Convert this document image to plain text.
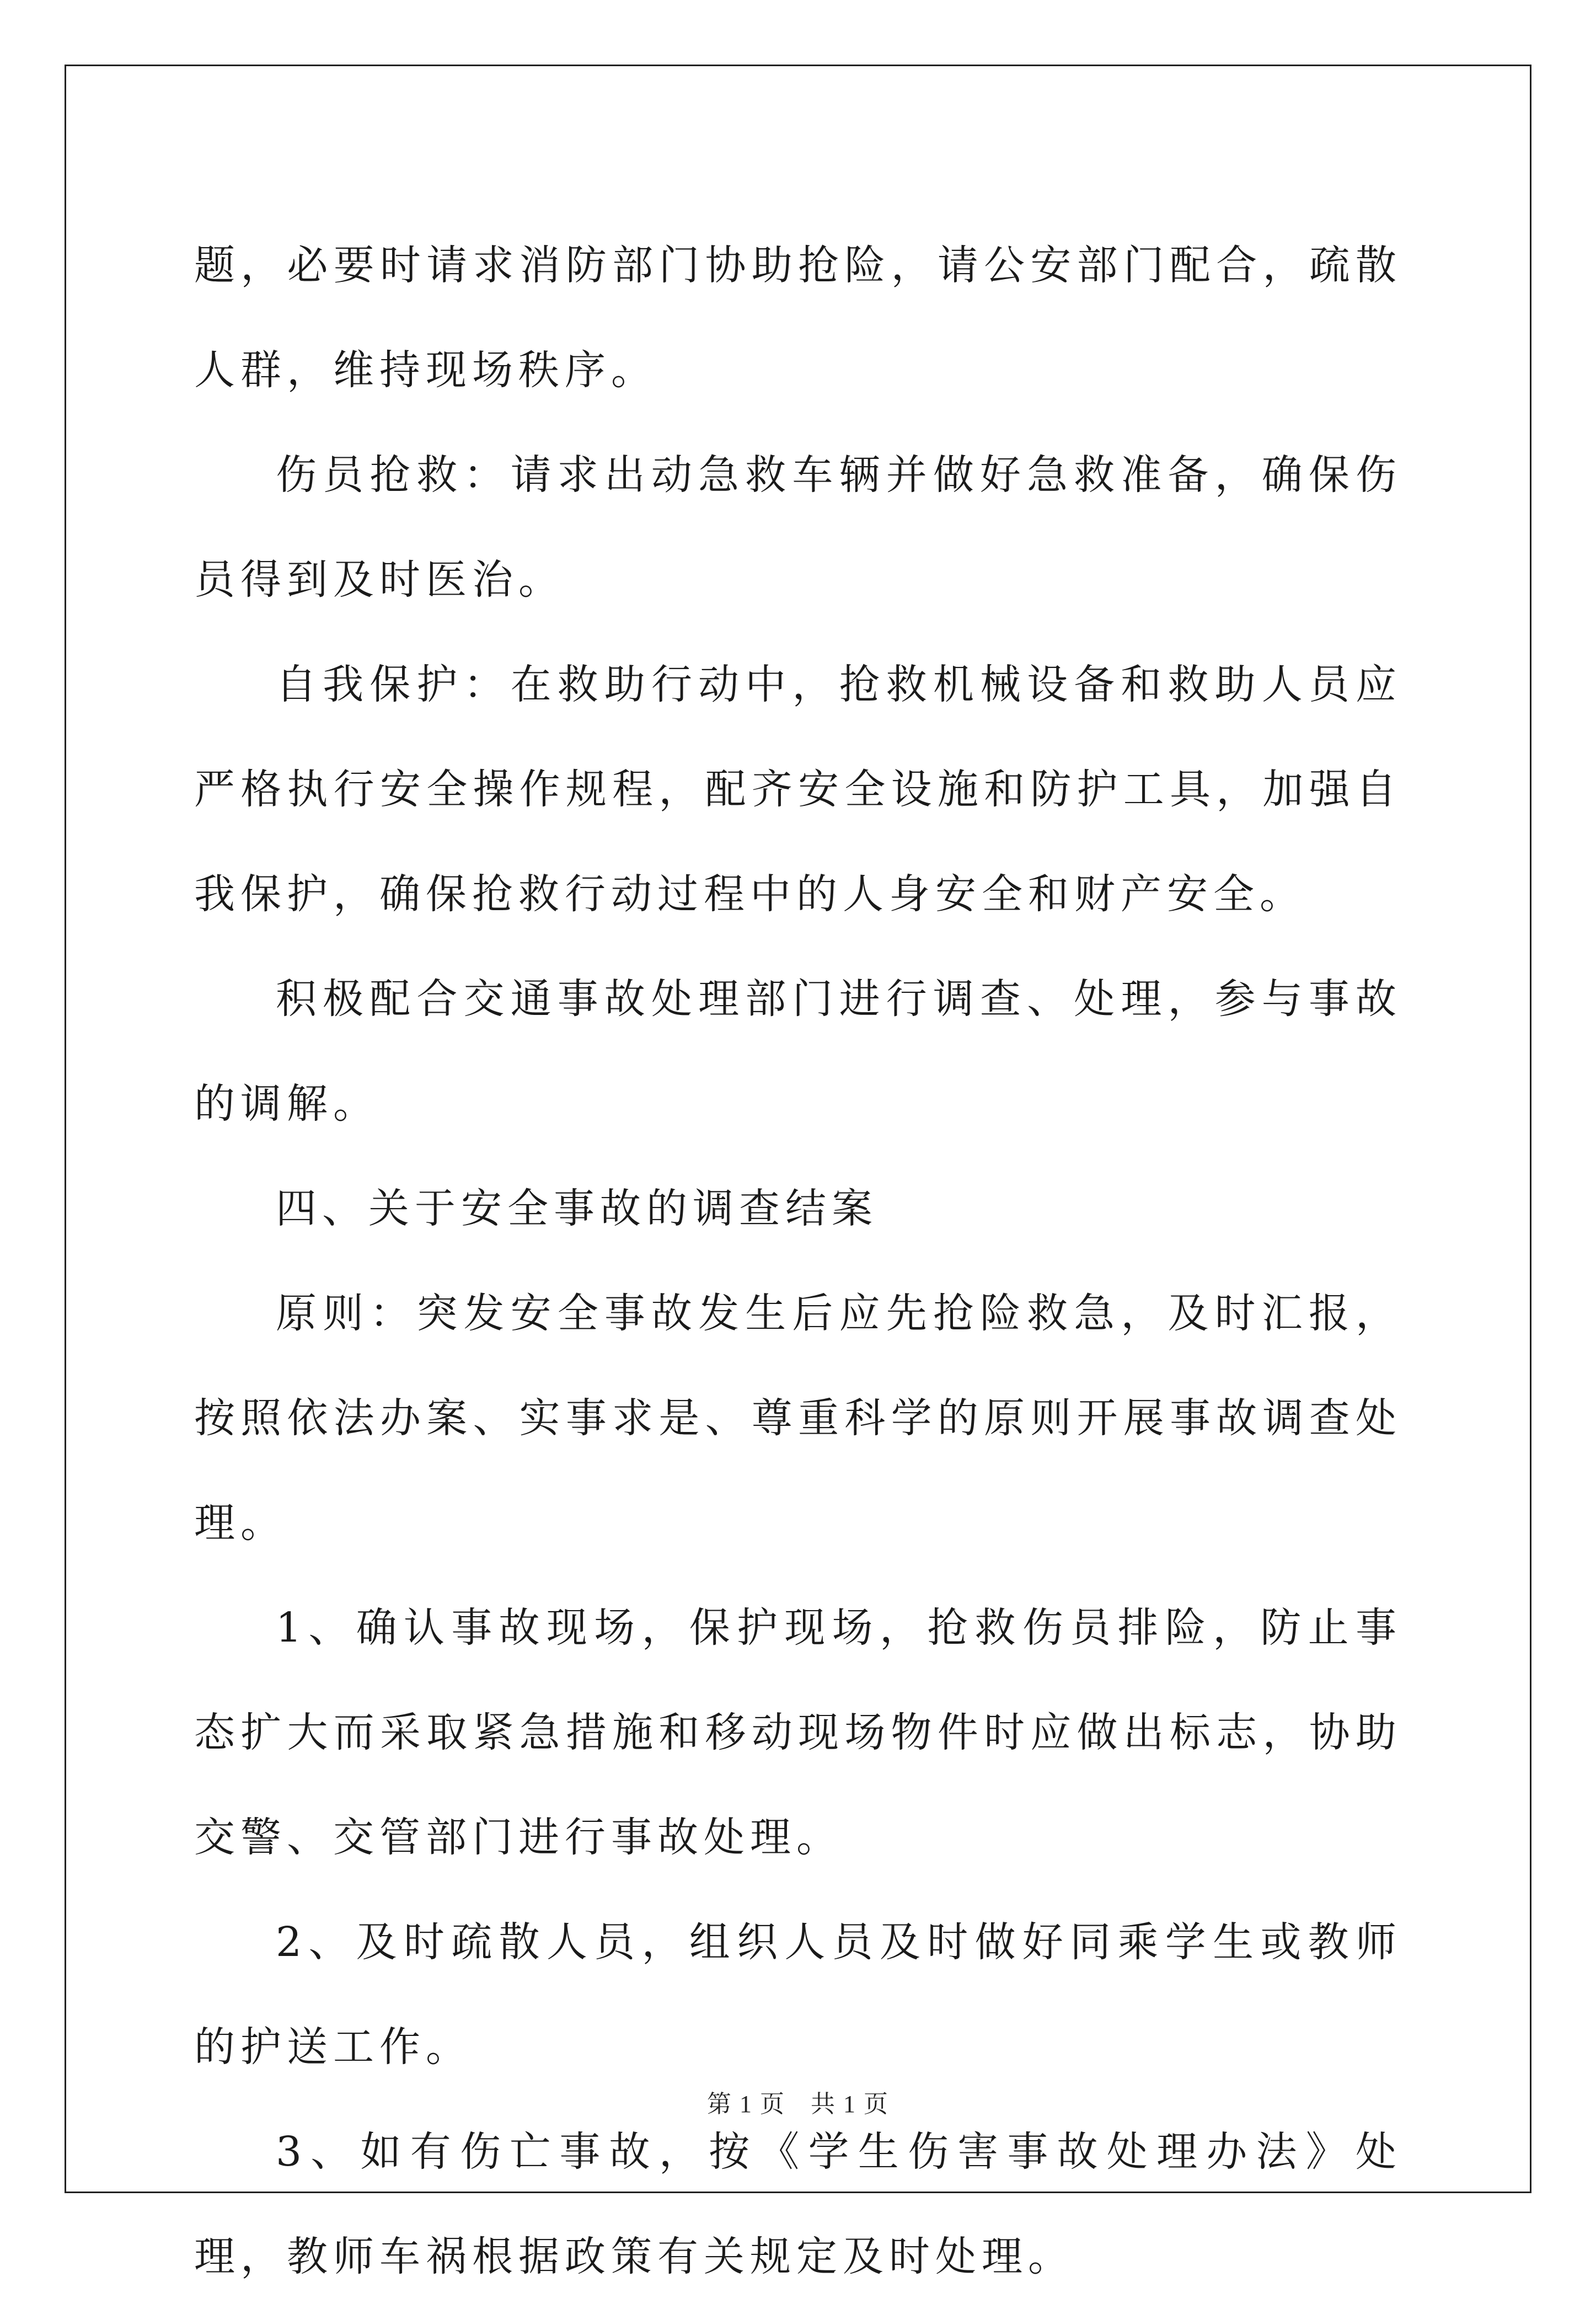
题，必要时请求消防部门协助抢险，请公安部门配合，疏散人群，维持现场秩序。

伤员抢救：请求出动急救车辆并做好急救准备，确保伤员得到及时医治。

自我保护：在救助行动中，抢救机械设备和救助人员应严格执行安全操作规程，配齐安全设施和防护工具，加强自我保护，确保抢救行动过程中的人身安全和财产安全。

积极配合交通事故处理部门进行调查、处理，参与事故的调解。

四、关于安全事故的调查结案

原则：突发安全事故发生后应先抢险救急，及时汇报，按照依法办案、实事求是、尊重科学的原则开展事故调查处理。

1、确认事故现场，保护现场，抢救伤员排险，防止事态扩大而采取紧急措施和移动现场物件时应做出标志，协助交警、交管部门进行事故处理。

2、及时疏散人员，组织人员及时做好同乘学生或教师的护送工作。

3、如有伤亡事故，按《学生伤害事故处理办法》处理，教师车祸根据政策有关规定及时处理。

第 1 页　共 1 页
